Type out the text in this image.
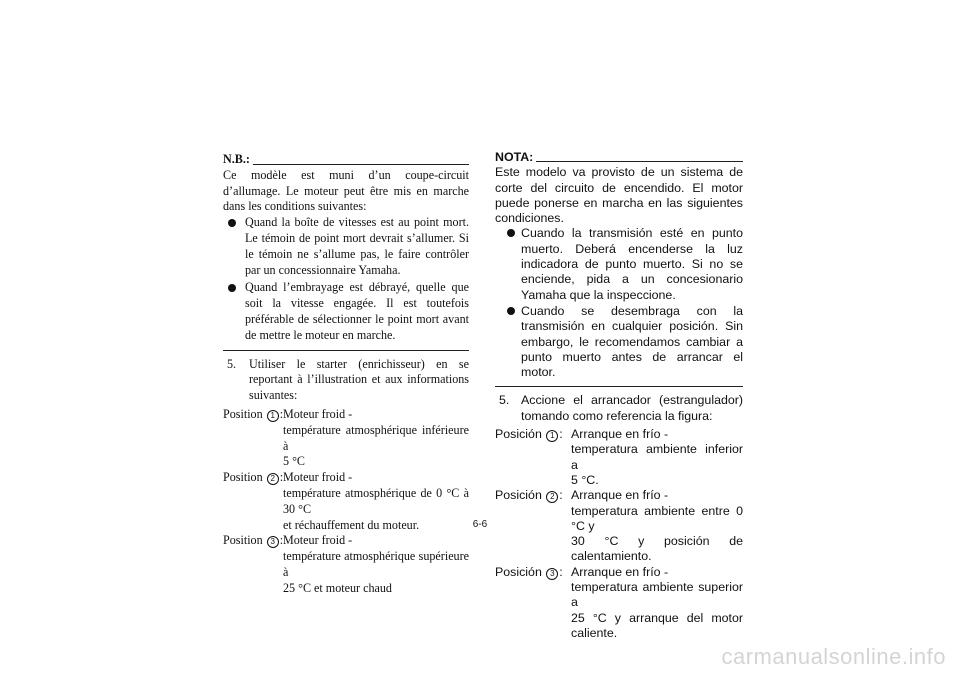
N.B.:

Ce modèle est muni d’un coupe-circuit d’allumage. Le moteur peut être mis en marche dans les conditions suivantes:

Quand la boîte de vitesses est au point mort. Le témoin de point mort devrait s’allumer. Si le témoin ne s’allume pas, le faire contrôler par un concessionnaire Yamaha.
Quand l’embrayage est débrayé, quelle que soit la vitesse engagée. Il est toutefois préférable de sélectionner le point mort avant de mettre le moteur en marche.
5.	Utiliser le starter (enrichisseur) en se reportant à l’illustration et aux informations suivantes:
Position 1 : Moteur froid -
température atmosphérique inférieure à
5 °C
Position 2 : Moteur froid -
température atmosphérique de 0 °C à 30 °C
et réchauffement du moteur.
Position 3 : Moteur froid -
température atmosphérique supérieure à
25 °C et moteur chaud
NOTA:

Este modelo va provisto de un sistema de corte del circuito de encendido. El motor puede ponerse en marcha en las siguientes condiciones.

Cuando la transmisión esté en punto muerto. Deberá encenderse la luz indicadora de punto muerto. Si no se enciende, pida a un concesionario Yamaha que la inspeccione.
Cuando se desembraga con la transmisión en cualquier posición. Sin embargo, le recomendamos cambiar a punto muerto antes de arrancar el motor.
5. Accione el arrancador (estrangulador) tomando como referencia la figura:
Posición 1 : Arranque en frío -
temperatura ambiente inferior a
5 °C.
Posición 2 : Arranque en frío -
temperatura ambiente entre 0 °C y
30 °C y posición de calentamiento.
Posición 3 : Arranque en frío -
temperatura ambiente superior a
25 °C y arranque del motor caliente.
6-6
carmanualsonline.info
